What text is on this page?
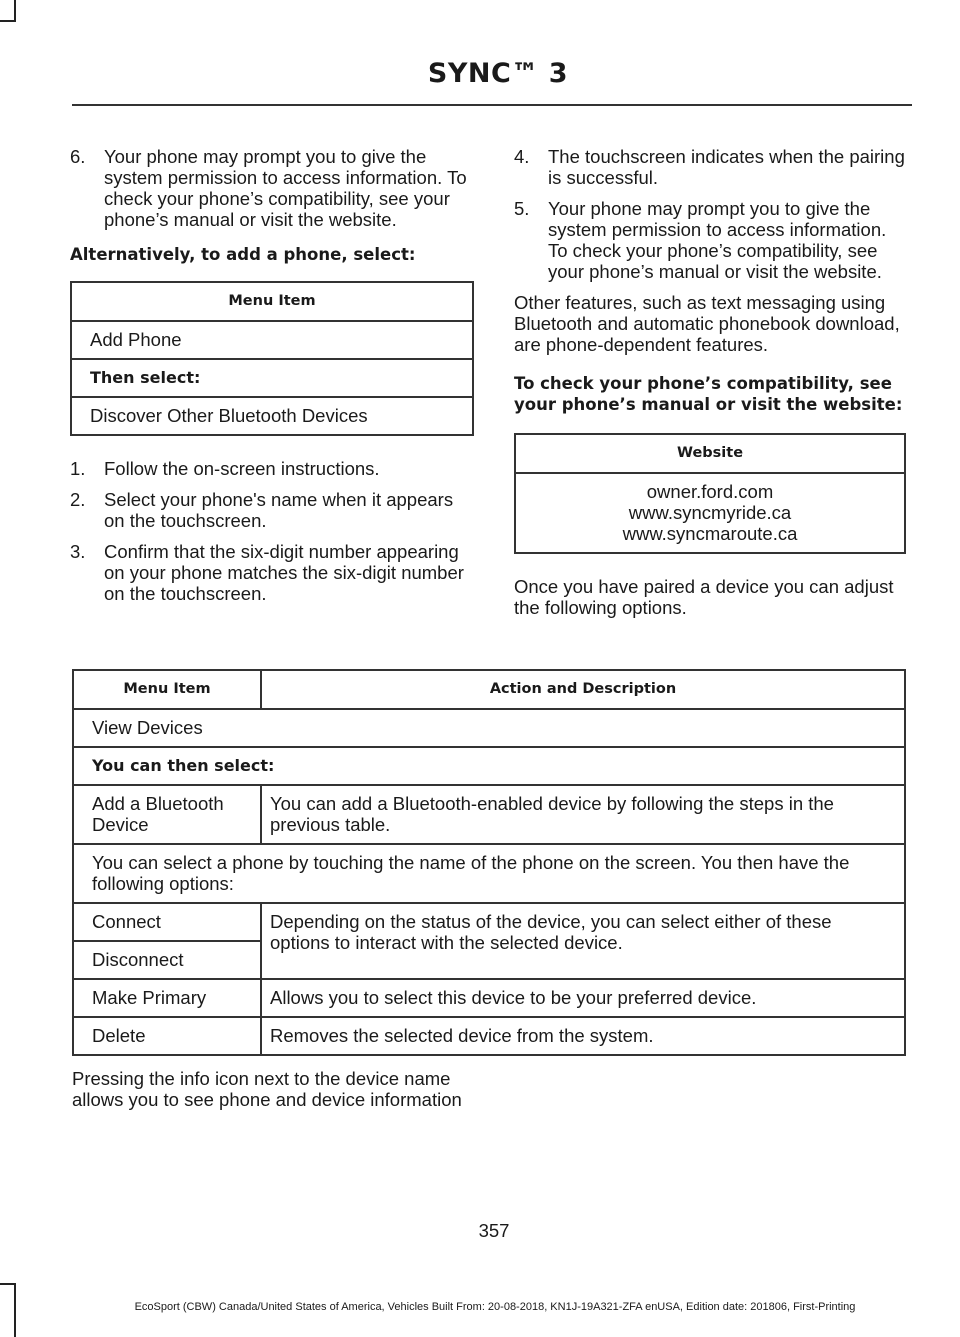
SYNC™ 3
6.	Your phone may prompt you to give the system permission to access information. To check your phone’s compatibility, see your phone’s manual or visit the website.

Alternatively, to add a phone, select:

Menu Item
Add Phone
Then select:
Discover Other Bluetooth Devices
1.	Follow the on-screen instructions.
2.	Select your phone's name when it appears on the touchscreen.
3.	Confirm that the six-digit number appearing on your phone matches the six-digit number on the touchscreen.
4.	The touchscreen indicates when the pairing is successful.
5.	Your phone may prompt you to give the system permission to access information. To check your phone’s compatibility, see your phone’s manual or visit the website.

Other features, such as text messaging using Bluetooth and automatic phonebook download, are phone-dependent features.

To check your phone’s compatibility, see your phone’s manual or visit the website:

Website

owner.ford.com
www.syncmyride.ca
www.syncmaroute.ca

Once you have paired a device you can adjust the following options.

Menu Item	Action and Description
View Devices	
You can then select:	
Add a Bluetooth Device	You can add a Bluetooth-enabled device by following the steps in the previous table.
You can select a phone by touching the name of the phone on the screen. You then have the following options:	
Connect	Depending on the status of the device, you can select either of these options to interact with the selected device.
Disconnect	
Make Primary	Allows you to select this device to be your preferred device.
Delete	Removes the selected device from the system.

Pressing the info icon next to the device name allows you to see phone and device information

357
EcoSport (CBW) Canada/United States of America, Vehicles Built From: 20-08-2018, KN1J-19A321-ZFA enUSA, Edition date: 201806, First-Printing
